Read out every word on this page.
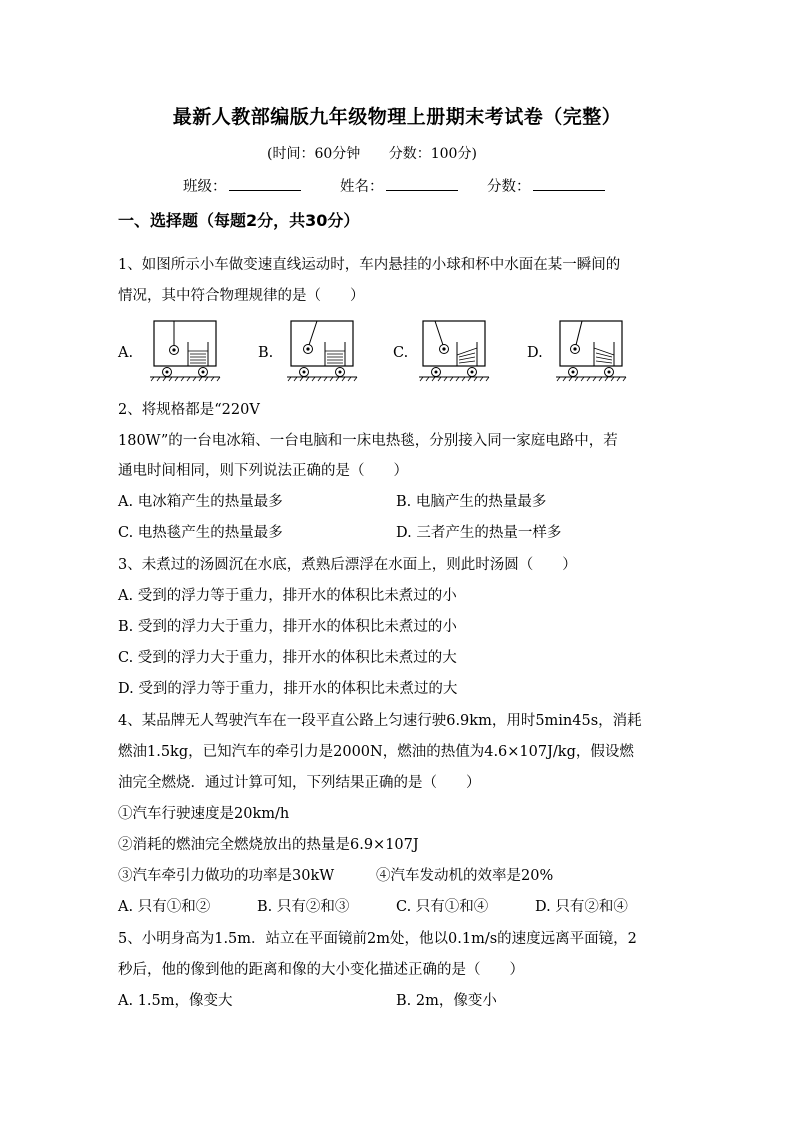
最新人教部编版九年级物理上册期末考试卷（完整）
(时间：60分钟 分数：100分)
班级：	姓名：	分数：
一、选择题（每题2分，共30分）
1、如图所示小车做变速直线运动时，车内悬挂的小球和杯中水面在某一瞬间的
情况，其中符合物理规律的是（　　）
A.	B.	C.	D.
2、将规格都是“220V
180W”的一台电冰箱、一台电脑和一床电热毯，分别接入同一家庭电路中，若
通电时间相同，则下列说法正确的是（　　）
A. 电冰箱产生的热量最多	B. 电脑产生的热量最多
C. 电热毯产生的热量最多	D. 三者产生的热量一样多
3、未煮过的汤圆沉在水底，煮熟后漂浮在水面上，则此时汤圆（　　）
A. 受到的浮力等于重力，排开水的体积比未煮过的小
B. 受到的浮力大于重力，排开水的体积比未煮过的小
C. 受到的浮力大于重力，排开水的体积比未煮过的大
D. 受到的浮力等于重力，排开水的体积比未煮过的大
4、某品牌无人驾驶汽车在一段平直公路上匀速行驶6.9km，用时5min45s，消耗
燃油1.5kg，已知汽车的牵引力是2000N，燃油的热值为4.6×107J/kg，假设燃
油完全燃烧．通过计算可知，下列结果正确的是（　　）
①汽车行驶速度是20km/h
②消耗的燃油完全燃烧放出的热量是6.9×107J
③汽车牵引力做功的功率是30kW	④汽车发动机的效率是20%
A. 只有①和②	B. 只有②和③	C. 只有①和④	D. 只有②和④
5、小明身高为1.5m．站立在平面镜前2m处，他以0.1m/s的速度远离平面镜，2
秒后，他的像到他的距离和像的大小变化描述正确的是（　　）
A. 1.5m，像变大	B. 2m，像变小
